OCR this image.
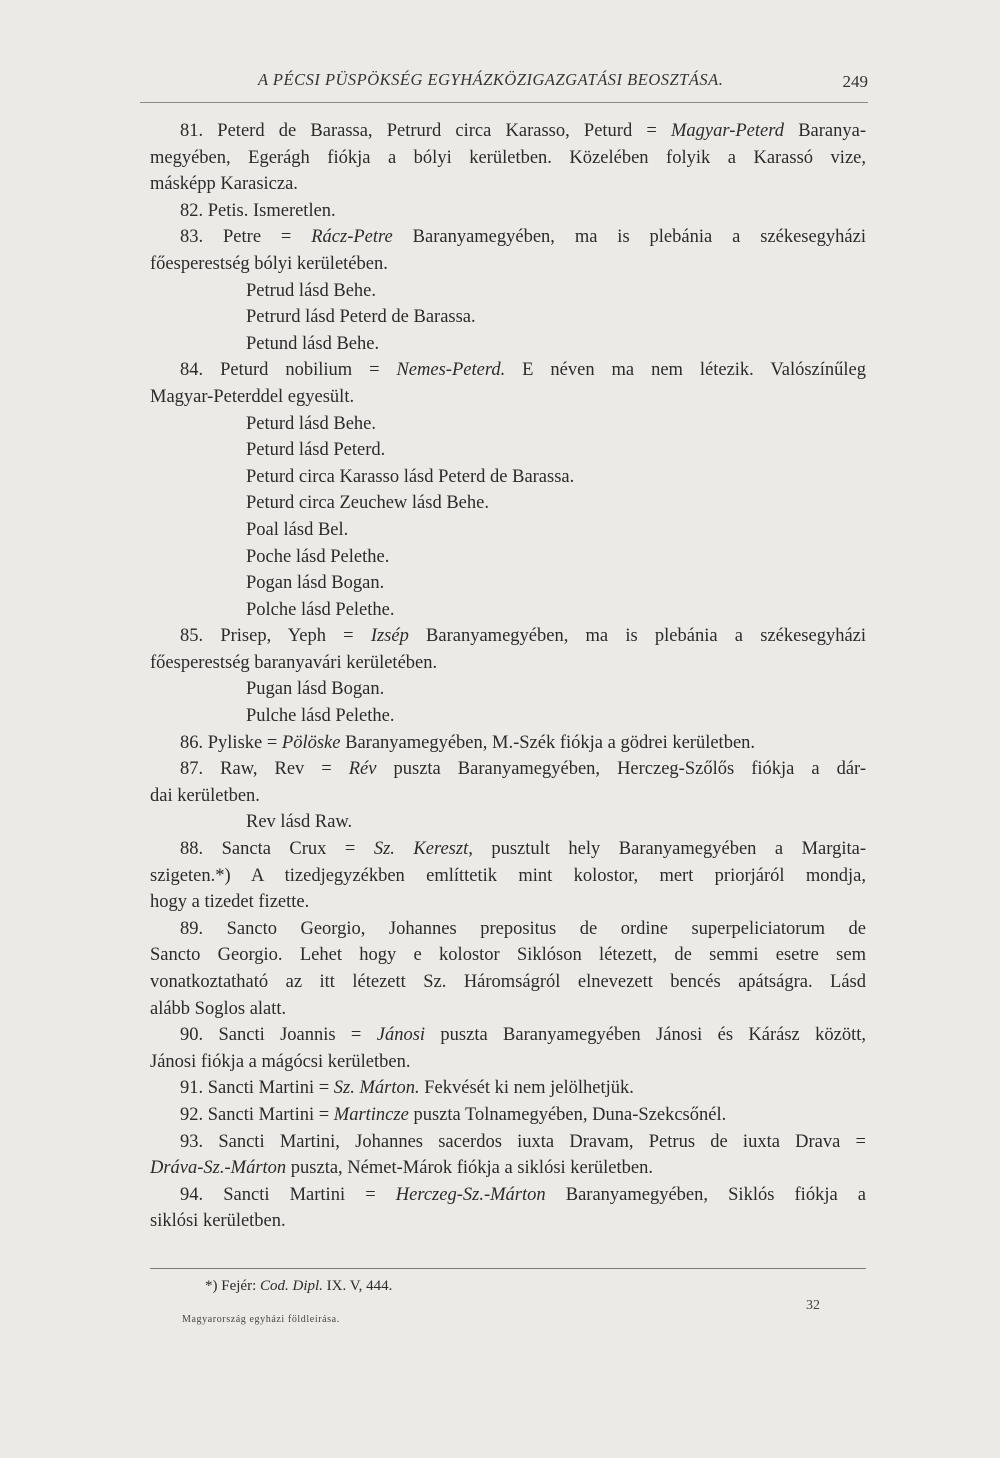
A PÉCSI PÜSPÖKSÉG EGYHÁZKÖZIGAZGATÁSI BEOSZTÁSA.	249
81. Peterd de Barassa, Petrurd circa Karasso, Peturd = Magyar-Peterd Baranya-
megyében, Egerágh fiókja a bólyi kerületben. Közelében folyik a Karassó vize,
másképp Karasicza.
82. Petis. Ismeretlen.
83. Petre = Rácz-Petre Baranyamegyében, ma is plebánia a székesegyházi
főesperestség bólyi kerületében.
Petrud lásd Behe.
Petrurd lásd Peterd de Barassa.
Petund lásd Behe.
84. Peturd nobilium = Nemes-Peterd. E néven ma nem létezik. Valószínűleg
Magyar-Peterddel egyesült.
Peturd lásd Behe.
Peturd lásd Peterd.
Peturd circa Karasso lásd Peterd de Barassa.
Peturd circa Zeuchew lásd Behe.
Poal lásd Bel.
Poche lásd Pelethe.
Pogan lásd Bogan.
Polche lásd Pelethe.
85. Prisep, Yeph = Izsép Baranyamegyében, ma is plebánia a székesegyházi
főesperestség baranyavári kerületében.
Pugan lásd Bogan.
Pulche lásd Pelethe.
86. Pyliske = Pölöske Baranyamegyében, M.-Szék fiókja a gödrei kerületben.
87. Raw, Rev = Rév puszta Baranyamegyében, Herczeg-Szőlős fiókja a dár-
dai kerületben.
Rev lásd Raw.
88. Sancta Crux = Sz. Kereszt, pusztult hely Baranyamegyében a Margita-
szigeten.*) A tizedjegyzékben említtetik mint kolostor, mert priorjáról mondja,
hogy a tizedet fizette.
89. Sancto Georgio, Johannes prepositus de ordine superpeliciatorum de
Sancto Georgio. Lehet hogy e kolostor Siklóson létezett, de semmi esetre sem
vonatkoztatható az itt létezett Sz. Háromságról elnevezett bencés apátságra. Lásd
alább Soglos alatt.
90. Sancti Joannis = Jánosi puszta Baranyamegyében Jánosi és Kárász között,
Jánosi fiókja a mágócsi kerületben.
91. Sancti Martini = Sz. Márton. Fekvését ki nem jelölhetjük.
92. Sancti Martini = Martincze puszta Tolnamegyében, Duna-Szekcsőnél.
93. Sancti Martini, Johannes sacerdos iuxta Dravam, Petrus de iuxta Drava =
Dráva-Sz.-Márton puszta, Német-Márok fiókja a siklósi kerületben.
94. Sancti Martini = Herczeg-Sz.-Márton Baranyamegyében, Siklós fiókja a
siklósi kerületben.
*) Fejér: Cod. Dipl. IX. V, 444.
Magyarország egyházi földleírása.
32
